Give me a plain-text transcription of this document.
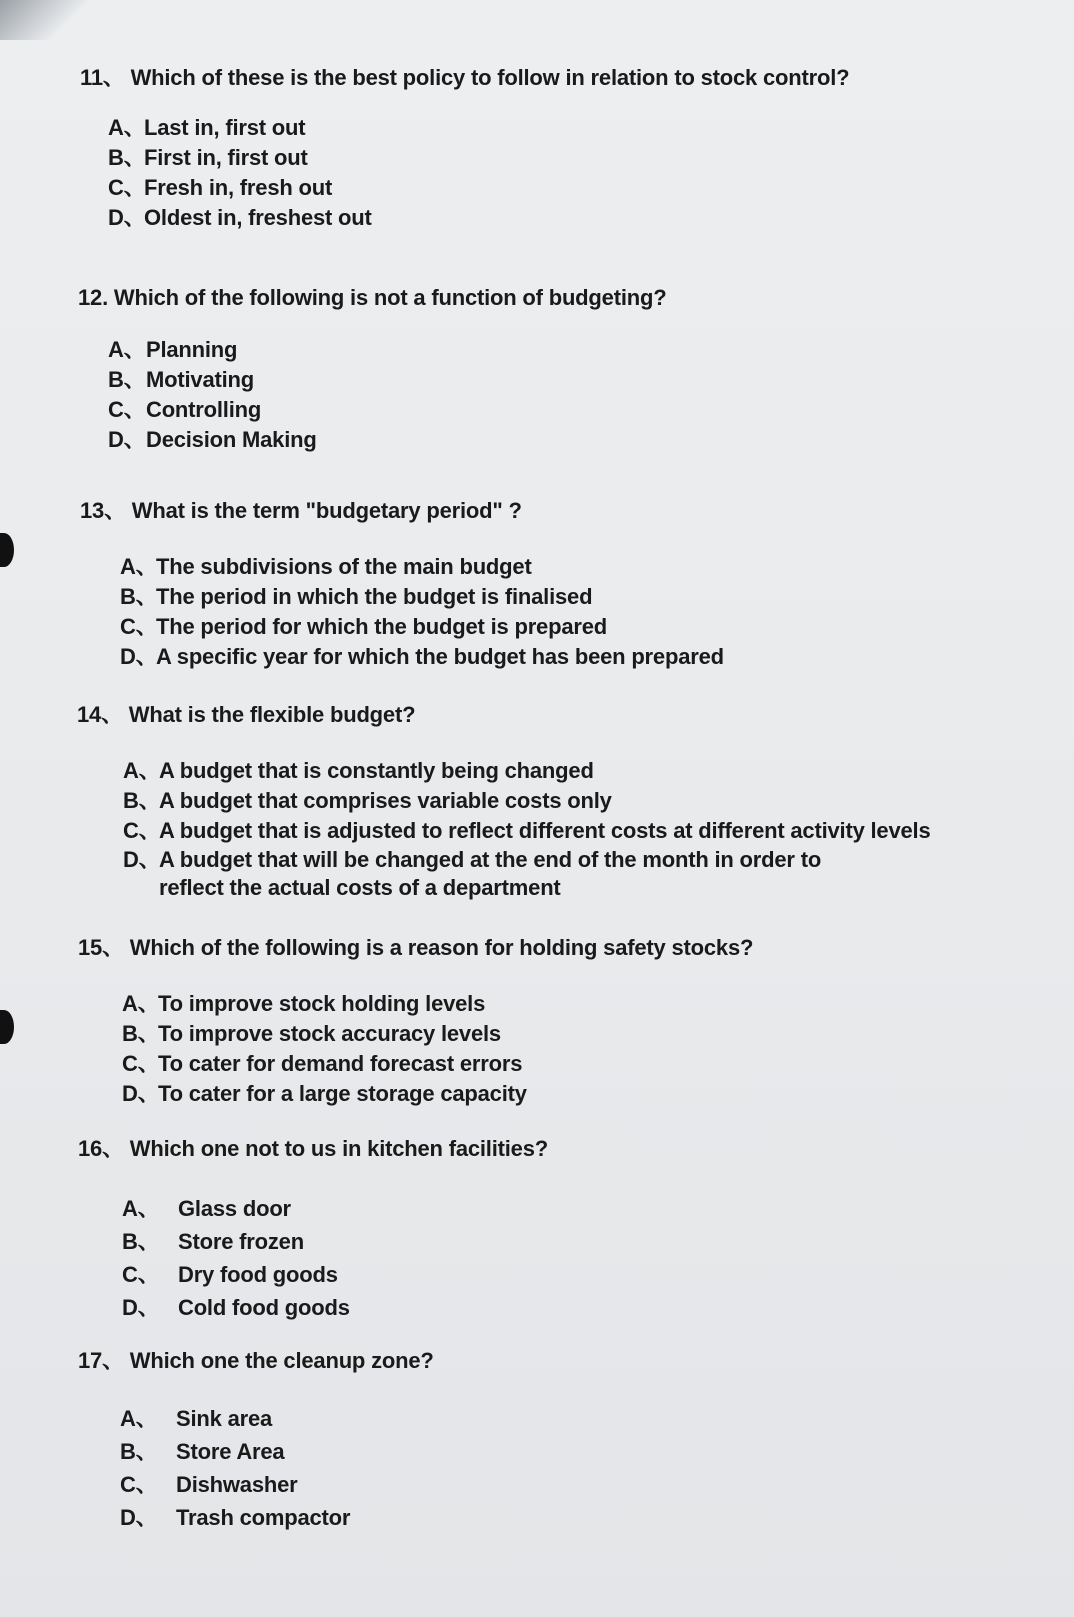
11、 Which of these is the best policy to follow in relation to stock control?
A、
Last in, first out
B、
First in, first out
C、
Fresh in, fresh out
D、
Oldest in, freshest out
12. Which of the following is not a function of budgeting?
A、 Planning
B、 Motivating
C、 Controlling
D、 Decision Making
13、 What is the term "budgetary period" ?
A、
The subdivisions of the main budget
B、
The period in which the budget is finalised
C、
The period for which the budget is prepared
D、
A specific year for which the budget has been prepared
14、 What is the flexible budget?
A、
A budget that is constantly being changed
B、
A budget that comprises variable costs only
C、
A budget that is adjusted to reflect different costs at different activity levels
D、
A budget that will be changed at the end of the month in order to
reflect the actual costs of a department
15、 Which of the following is a reason for holding safety stocks?
A、
To improve stock holding levels
B、
To improve stock accuracy levels
C、
To cater for demand forecast errors
D、
To cater for a large storage capacity
16、 Which one not to us in kitchen facilities?
A、 Glass door
B、 Store frozen
C、 Dry food goods
D、 Cold food goods
17、 Which one the cleanup zone?
A、 Sink area
B、 Store Area
C、 Dishwasher
D、 Trash compactor
